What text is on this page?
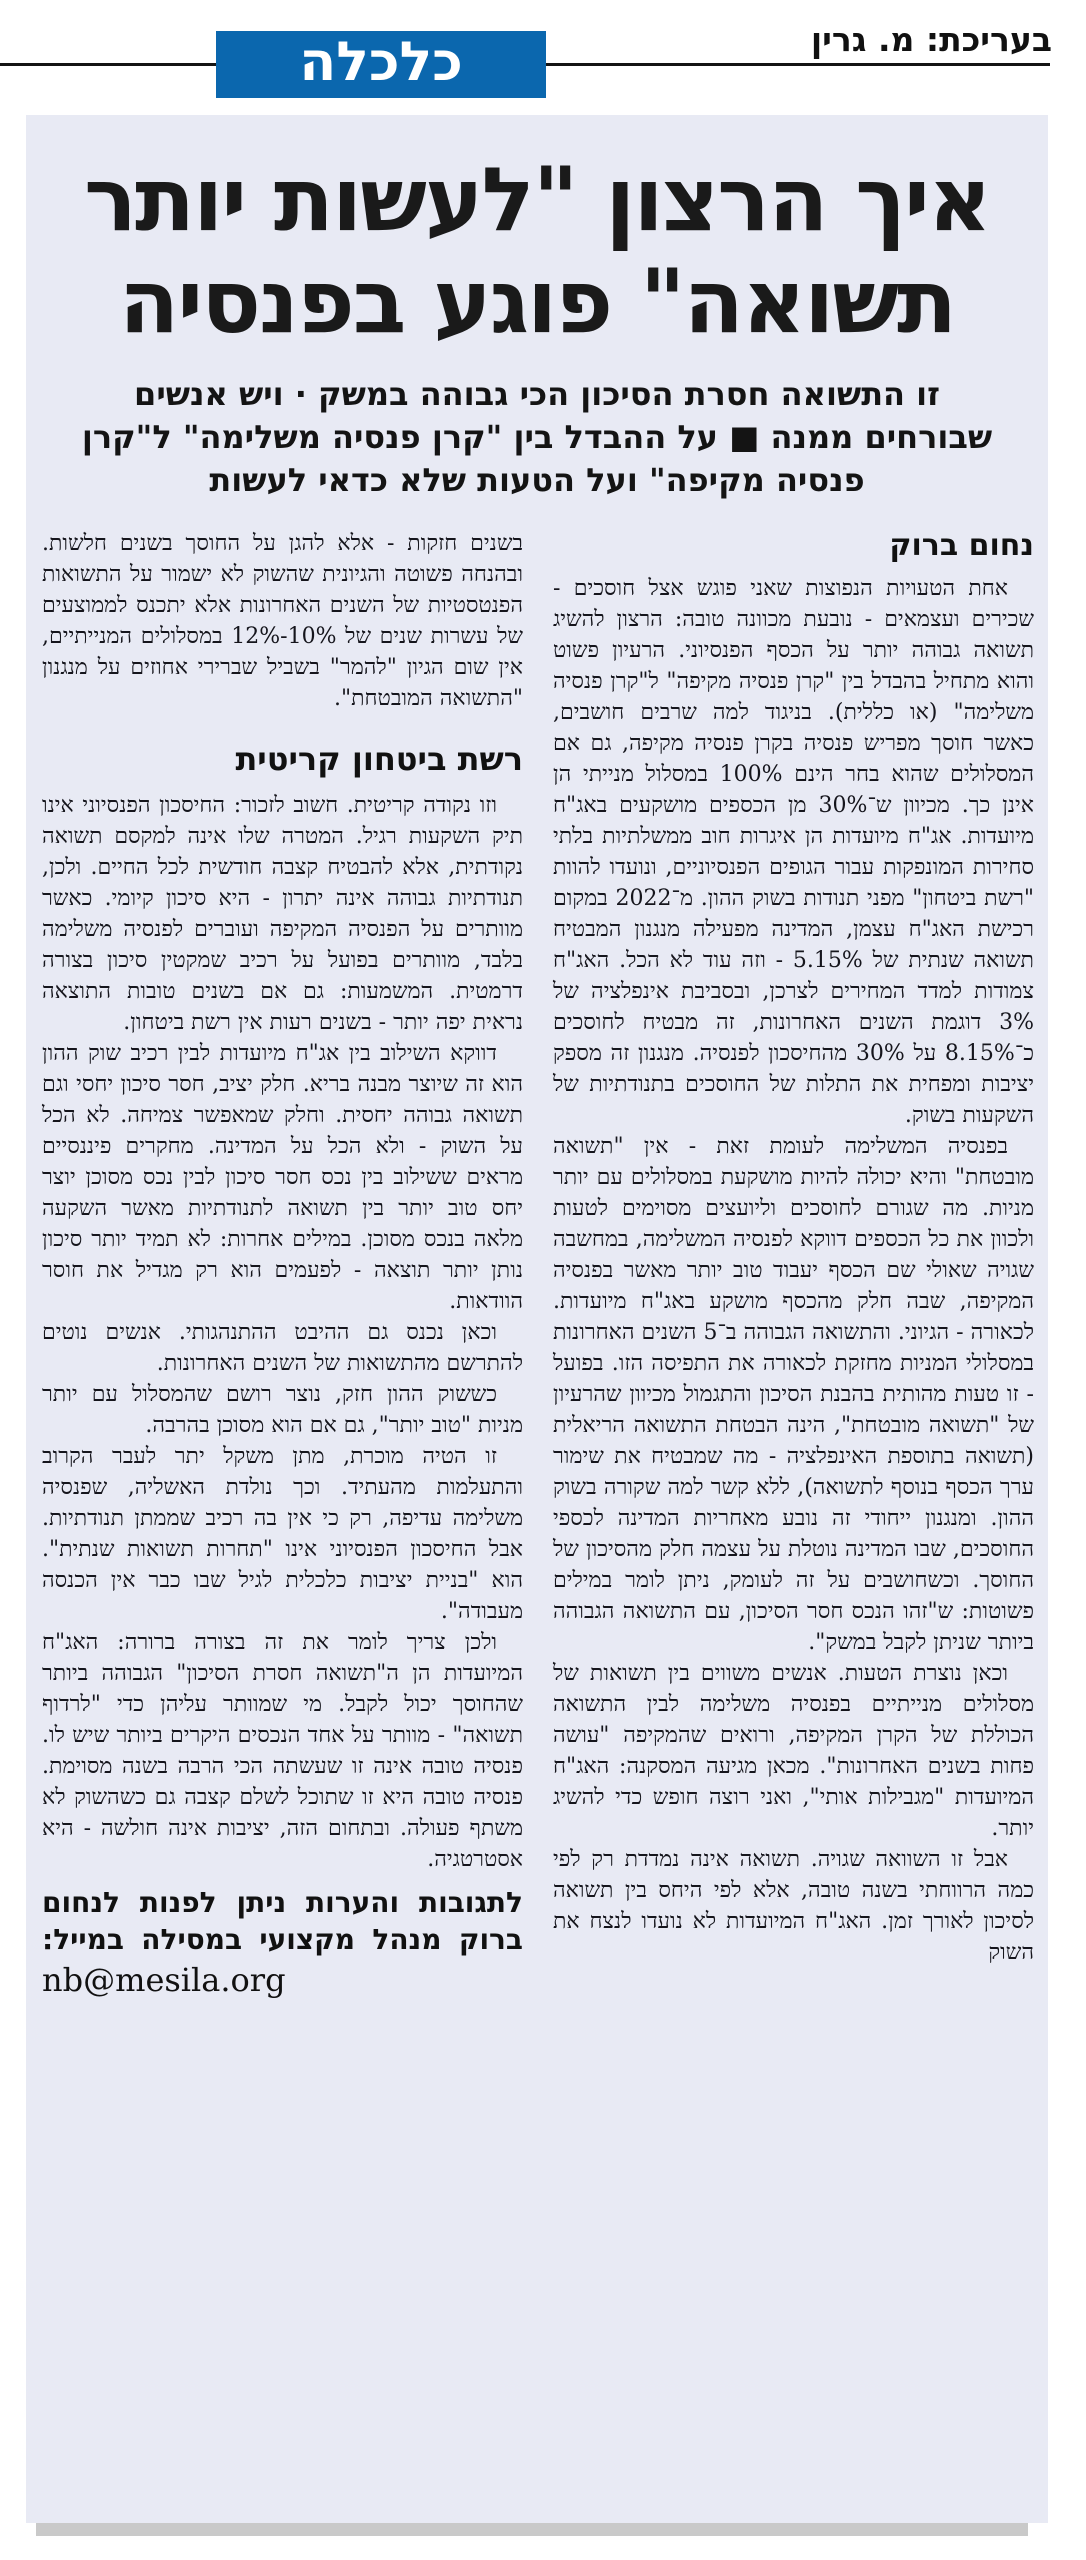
בעריכת: מ. גרין
כלכלה
איך הרצון "לעשות יותר
תשואה" פוגע בפנסיה
זו התשואה חסרת הסיכון הכי גבוהה במשק · ויש אנשים שבורחים ממנה ■ על ההבדל בין "קרן פנסיה משלימה" ל"קרן פנסיה מקיפה" ועל הטעות שלא כדאי לעשות
נחום ברוק

אחת הטעויות הנפוצות שאני פוגש אצל חוסכים - שכירים ועצמאים - נובעת מכוונה טובה: הרצון להשיג תשואה גבוהה יותר על הכסף הפנסיוני. הרעיון פשוט והוא מתחיל בהבדל בין "קרן פנסיה מקיפה" ל"קרן פנסיה משלימה" (או כללית). בניגוד למה שרבים חושבים, כאשר חוסך מפריש פנסיה בקרן פנסיה מקיפה, גם אם המסלולים שהוא בחר הינם 100% במסלול מנייתי הן אינן כך. מכיוון ש־30% מן הכספים מושקעים באג"ח מיועדות. אג"ח מיועדות הן איגרות חוב ממשלתיות בלתי סחירות המונפקות עבור הגופים הפנסיוניים, ונועדו להוות "רשת ביטחון" מפני תנודות בשוק ההון. מ־2022 במקום רכישת האג"ח עצמן, המדינה מפעילה מנגנון המבטיח תשואה שנתית של 5.15% - וזה עוד לא הכל. האג"ח צמודות למדד המחירים לצרכן, ובסביבת אינפלציה של 3% דוגמת השנים האחרונות, זה מבטיח לחוסכים כ־8.15% על 30% מהחיסכון לפנסיה. מנגנון זה מספק יציבות ומפחית את התלות של החוסכים בתנודתיות של השקעות בשוק.

בפנסיה המשלימה לעומת זאת - אין "תשואה מובטחת" והיא יכולה להיות מושקעת במסלולים עם יותר מניות. מה שגורם לחוסכים וליועצים מסוימים לטעות ולכוון את כל הכספים דווקא לפנסיה המשלימה, במחשבה שגויה שאולי שם הכסף יעבוד טוב יותר מאשר בפנסיה המקיפה, שבה חלק מהכסף מושקע באג"ח מיועדות. לכאורה - הגיוני. והתשואה הגבוהה ב־5 השנים האחרונות במסלולי המניות מחזקת לכאורה את התפיסה הזו. בפועל - זו טעות מהותית בהבנת הסיכון והתגמול מכיוון שהרעיון של "תשואה מובטחת", הינה הבטחת התשואה הריאלית (תשואה בתוספת האינפלציה - מה שמבטיח את שימור ערך הכסף בנוסף לתשואה), ללא קשר למה שקורה בשוק ההון. ומנגנון ייחודי זה נובע מאחריות המדינה לכספי החוסכים, שבו המדינה נוטלת על עצמה חלק מהסיכון של החוסך. וכשחושבים על זה לעומק, ניתן לומר במילים פשוטות: ש"זהו הנכס חסר הסיכון, עם התשואה הגבוהה ביותר שניתן לקבל במשק".

וכאן נוצרת הטעות. אנשים משווים בין תשואות של מסלולים מנייתיים בפנסיה משלימה לבין התשואה הכוללת של הקרן המקיפה, ורואים שהמקיפה "עושה פחות בשנים האחרונות". מכאן מגיעה המסקנה: האג"ח המיועדות "מגבילות אותי", ואני רוצה חופש כדי להשיג יותר.

אבל זו השוואה שגויה. תשואה אינה נמדדת רק לפי כמה הרווחתי בשנה טובה, אלא לפי היחס בין תשואה לסיכון לאורך זמן. האג"ח המיועדות לא נועדו לנצח את השוק

בשנים חזקות - אלא להגן על החוסך בשנים חלשות. ובהנחה פשוטה והגיונית שהשוק לא ישמור על התשואות הפנטסטיות של השנים האחרונות אלא יתכנס לממוצעים של עשרות שנים של 10%-12% במסלולים המנייתיים, אין שום הגיון "להמר" בשביל שברירי אחוזים על מנגנון "התשואה המובטחת".

רשת ביטחון קריטית

וזו נקודה קריטית. חשוב לזכור: החיסכון הפנסיוני אינו תיק השקעות רגיל. המטרה שלו אינה למקסם תשואה נקודתית, אלא להבטיח קצבה חודשית לכל החיים. ולכן, תנודתיות גבוהה אינה יתרון - היא סיכון קיומי. כאשר מוותרים על הפנסיה המקיפה ועוברים לפנסיה משלימה בלבד, מוותרים בפועל על רכיב שמקטין סיכון בצורה דרמטית. המשמעות: גם אם בשנים טובות התוצאה נראית יפה יותר - בשנים רעות אין רשת ביטחון.

דווקא השילוב בין אג"ח מיועדות לבין רכיב שוק ההון הוא זה שיוצר מבנה בריא. חלק יציב, חסר סיכון יחסי וגם תשואה גבוהה יחסית. וחלק שמאפשר צמיחה. לא הכל על השוק - ולא הכל על המדינה. מחקרים פיננסיים מראים ששילוב בין נכס חסר סיכון לבין נכס מסוכן יוצר יחס טוב יותר בין תשואה לתנודתיות מאשר השקעה מלאה בנכס מסוכן. במילים אחרות: לא תמיד יותר סיכון נותן יותר תוצאה - לפעמים הוא רק מגדיל את חוסר הוודאות.

וכאן נכנס גם ההיבט ההתנהגותי. אנשים נוטים להתרשם מהתשואות של השנים האחרונות.

כששוק ההון חזק, נוצר רושם שהמסלול עם יותר מניות "טוב יותר", גם אם הוא מסוכן בהרבה.

זו הטיה מוכרת, מתן משקל יתר לעבר הקרוב והתעלמות מהעתיד. וכך נולדת האשליה, שפנסיה משלימה עדיפה, רק כי אין בה רכיב שממתן תנודתיות. אבל החיסכון הפנסיוני אינו "תחרות תשואות שנתית". הוא "בניית יציבות כלכלית לגיל שבו כבר אין הכנסה מעבודה".

ולכן צריך לומר את זה בצורה ברורה: האג"ח המיועדות הן ה"תשואה חסרת הסיכון" הגבוהה ביותר שהחוסך יכול לקבל. מי שמוותר עליהן כדי "לרדוף תשואה" - מוותר על אחד הנכסים היקרים ביותר שיש לו. פנסיה טובה אינה זו שעשתה הכי הרבה בשנה מסוימת. פנסיה טובה היא זו שתוכל לשלם קצבה גם כשהשוק לא משתף פעולה. ובתחום הזה, יציבות אינה חולשה - היא אסטרטגיה.

לתגובות והערות ניתן לפנות לנחום ברוק מנהל מקצועי במסילה במייל:

nb@mesila.org
